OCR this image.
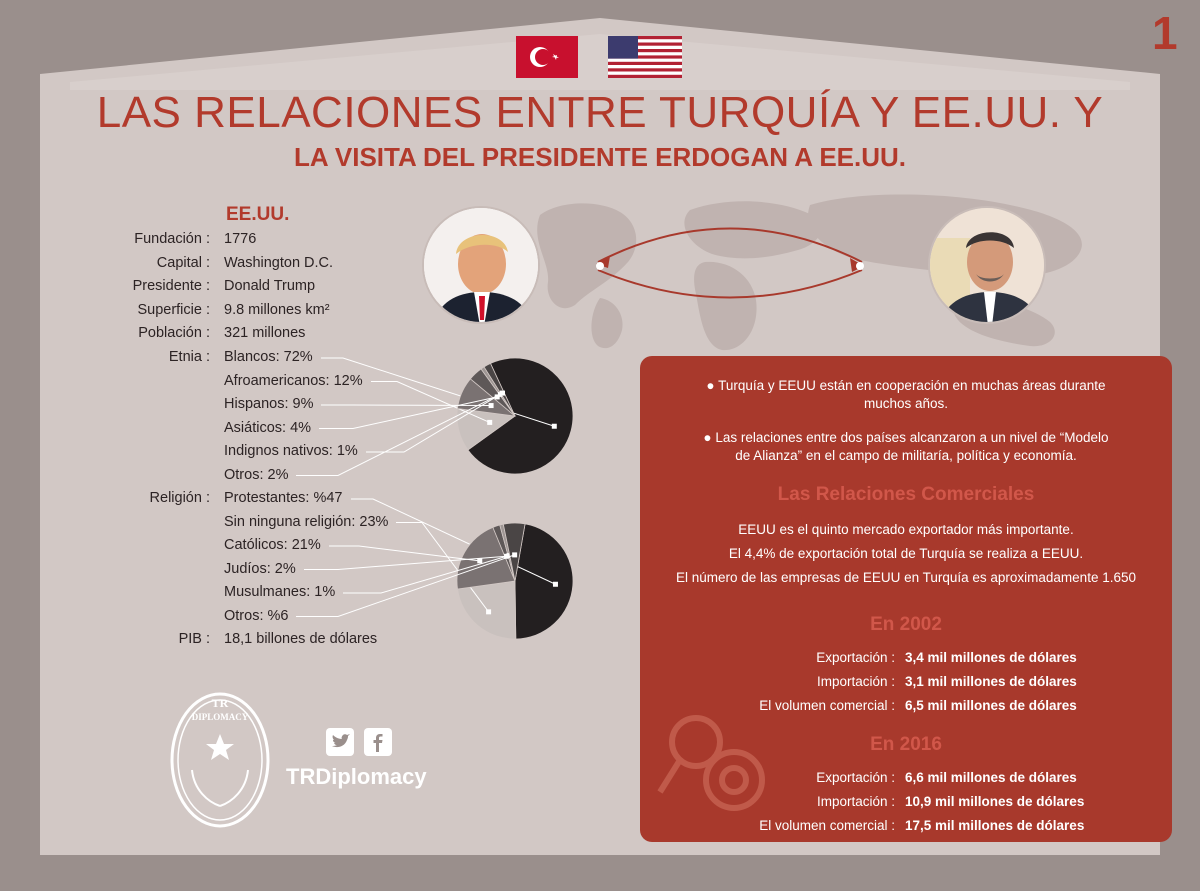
1
LAS RELACIONES ENTRE TURQUÍA Y EE.UU. Y
LA VISITA DEL PRESIDENTE ERDOGAN A EE.UU.
EE.UU.
Fundación : 1776
Capital : Washington D.C.
Presidente : Donald Trump
Superficie : 9.8 millones km²
Población : 321 millones
Etnia : Blancos: 72%
Afroamericanos: 12%
Hispanos: 9%
Asiáticos: 4%
Indignos nativos: 1%
Otros: 2%
Religión : Protestantes: %47
Sin ninguna religión: 23%
Católicos: 21%
Judíos: 2%
Musulmanes: 1%
Otros: %6
PIB : 18,1 billones de dólares
● Turquía y EEUU están en cooperación en muchas áreas durante
muchos años.
● Las relaciones entre dos países alcanzaron a un nivel de “Modelo
de Alianza” en el campo de militaría, política y economía.
Las Relaciones Comerciales
EEUU es el quinto mercado exportador más importante.
El 4,4% de exportación total de Turquía se realiza a EEUU.
El número de las empresas de EEUU en Turquía es aproximadamente 1.650
En 2002
Exportación : 3,4 mil millones de dólares
Importación : 3,1 mil millones de dólares
El volumen comercial : 6,5 mil millones de dólares
En 2016
Exportación : 6,6 mil millones de dólares
Importación : 10,9 mil millones de dólares
El volumen comercial : 17,5 mil millones de dólares
TR
DIPLOMACY
TRDiplomacy
